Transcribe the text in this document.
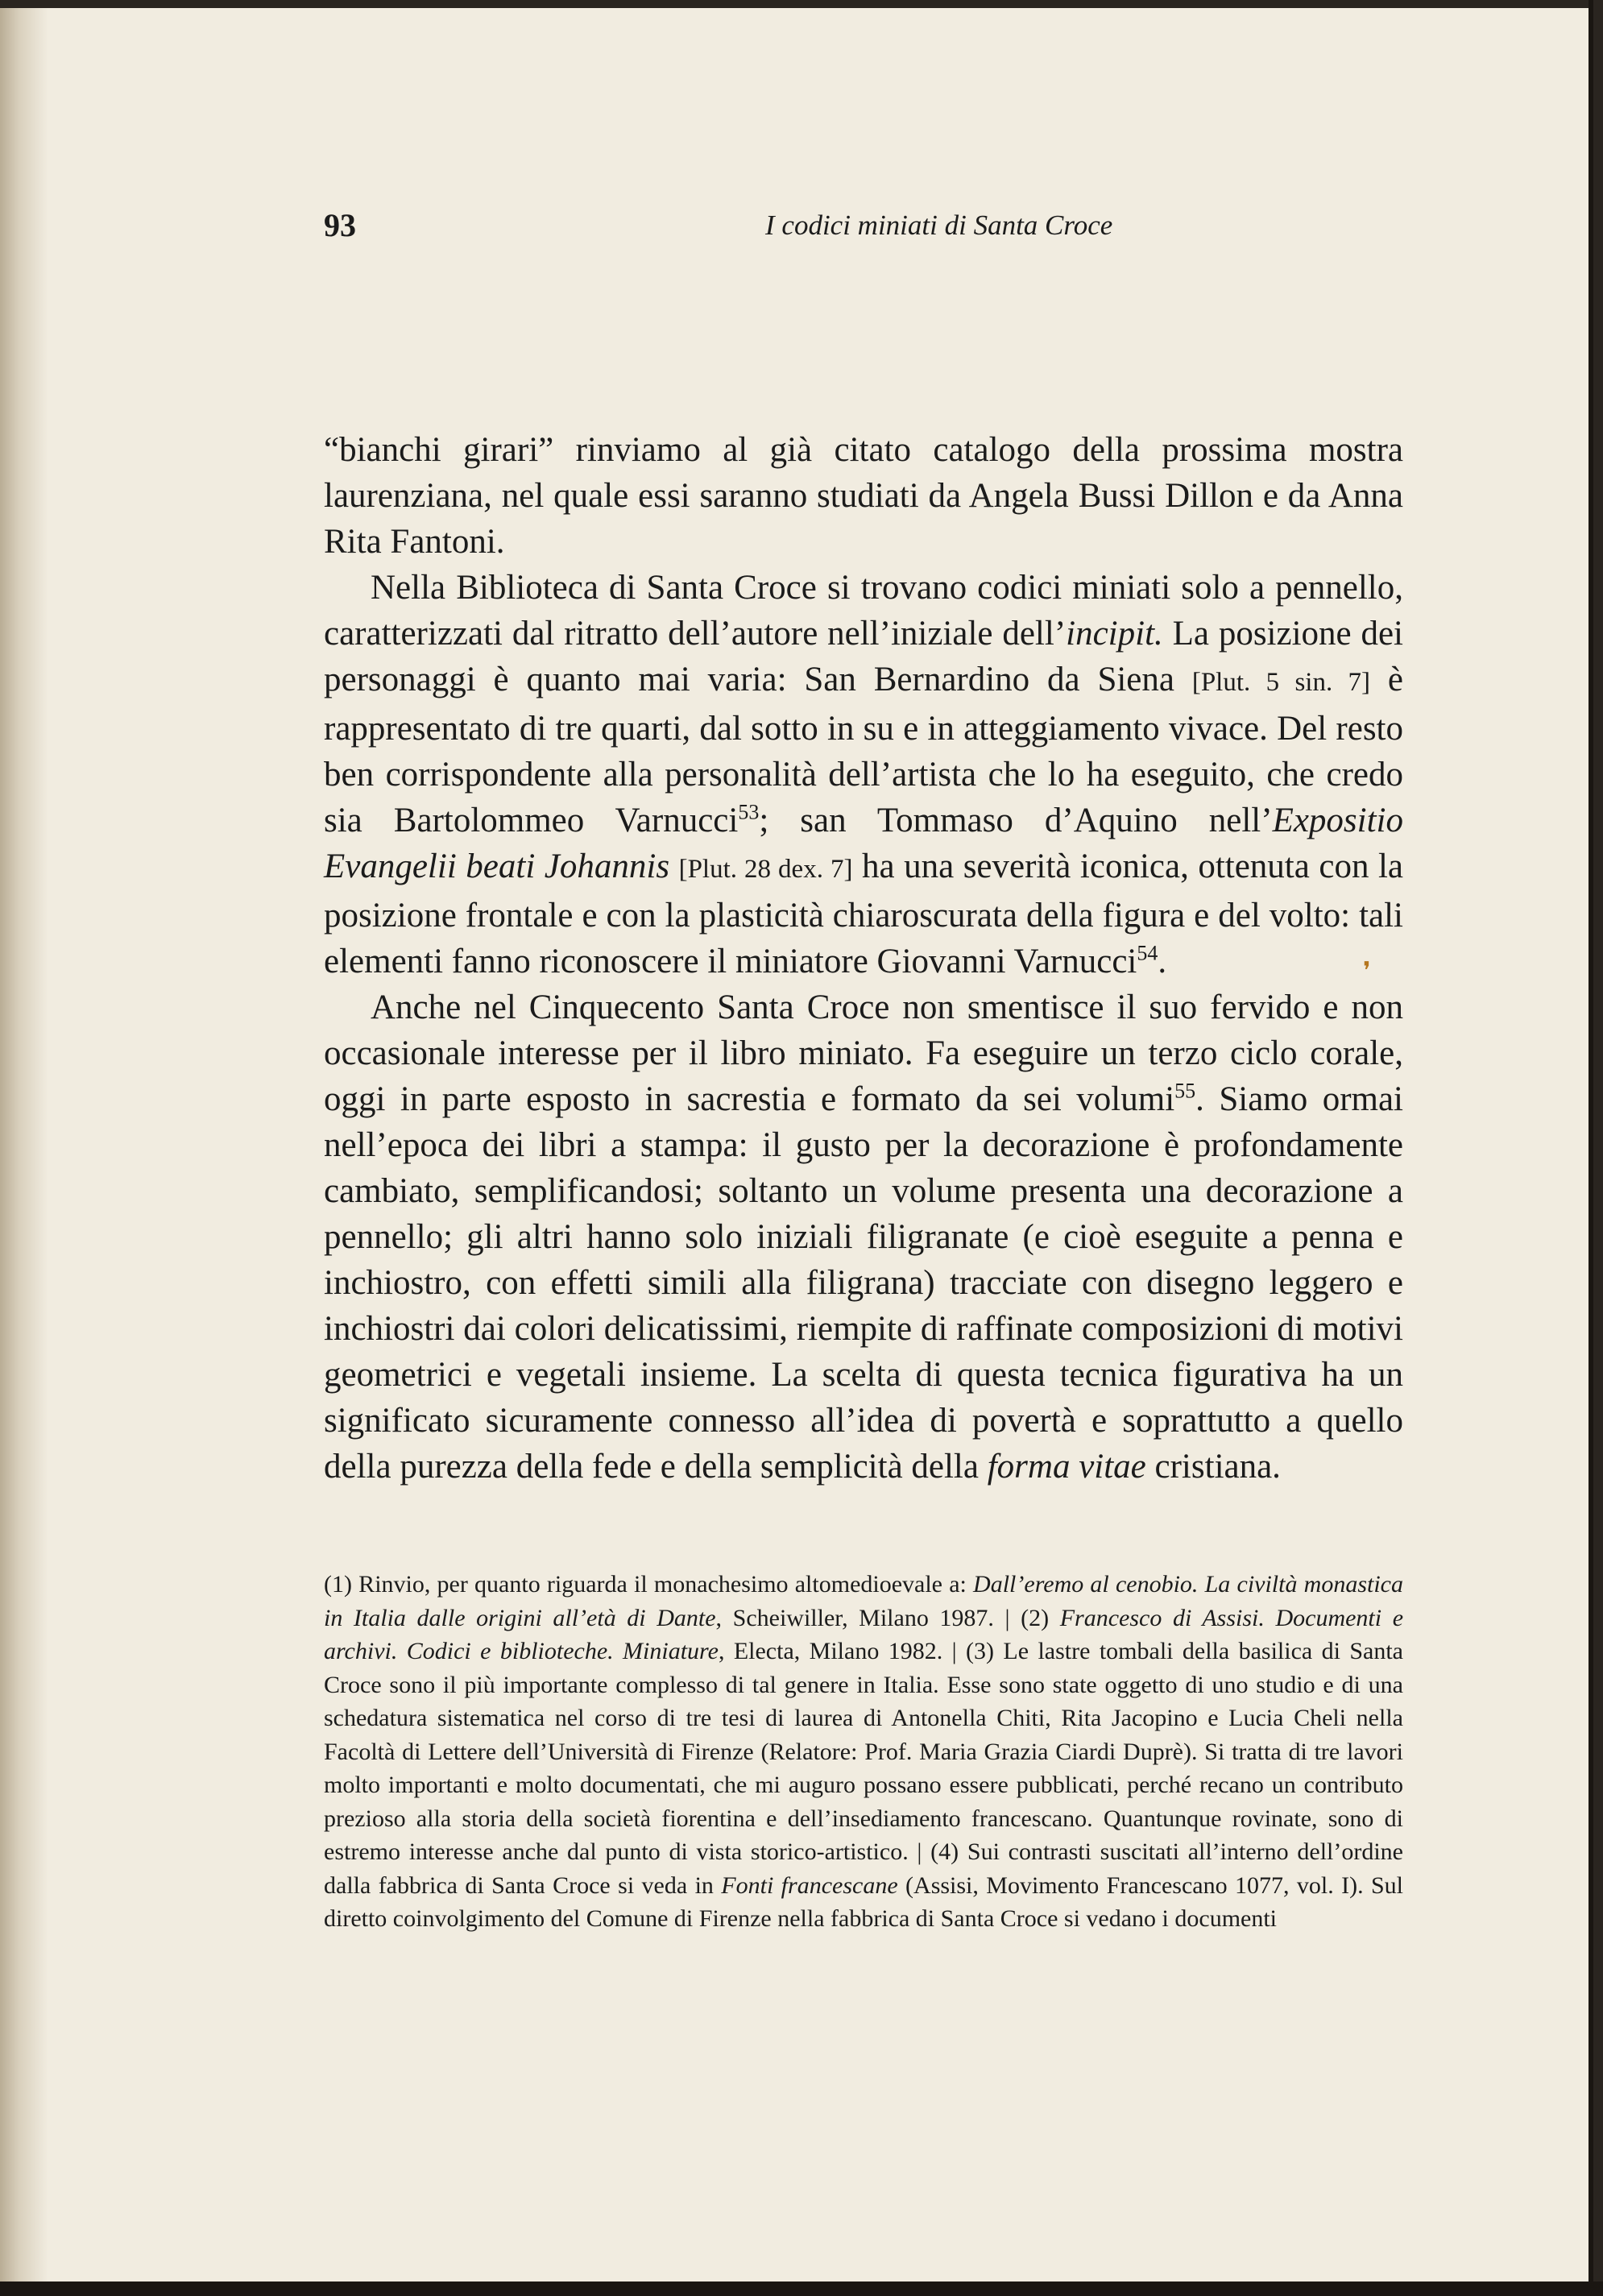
93	I codici miniati di Santa Croce

“bianchi girari” rinviamo al già citato catalogo della prossima mostra laurenziana, nel quale essi saranno studiati da Angela Bussi Dillon e da Anna Rita Fantoni.

Nella Biblioteca di Santa Croce si trovano codici miniati solo a pennello, caratterizzati dal ritratto dell’autore nell’iniziale dell’incipit. La posizione dei personaggi è quanto mai varia: San Bernardino da Siena [Plut. 5 sin. 7] è rappresentato di tre quarti, dal sotto in su e in atteggiamento vivace. Del resto ben corrispondente alla personalità dell’artista che lo ha eseguito, che credo sia Bartolommeo Varnucci$^{53}$; san Tommaso d’Aquino nell’Expositio Evangelii beati Johannis [Plut. 28 dex. 7] ha una severità iconica, ottenuta con la posizione frontale e con la plasticità chiaroscurata della figura e del volto: tali elementi fanno riconoscere il miniatore Giovanni Varnucci$^{54}$.

Anche nel Cinquecento Santa Croce non smentisce il suo fervido e non occasionale interesse per il libro miniato. Fa eseguire un terzo ciclo corale, oggi in parte esposto in sacrestia e formato da sei volumi$^{55}$. Siamo ormai nell’epoca dei libri a stampa: il gusto per la decorazione è profondamente cambiato, semplificandosi; soltanto un volume presenta una decorazione a pennello; gli altri hanno solo iniziali filigranate (e cioè eseguite a penna e inchiostro, con effetti simili alla filigrana) tracciate con disegno leggero e inchiostri dai colori delicatissimi, riempite di raffinate composizioni di motivi geometrici e vegetali insieme. La scelta di questa tecnica figurativa ha un significato sicuramente connesso all’idea di povertà e soprattutto a quello della purezza della fede e della semplicità della forma vitae cristiana.

❜

(1) Rinvio, per quanto riguarda il monachesimo altomedioevale a: Dall’eremo al cenobio. La civiltà monastica in Italia dalle origini all’età di Dante, Scheiwiller, Milano 1987. | (2) Francesco di Assisi. Documenti e archivi. Codici e biblioteche. Miniature, Electa, Milano 1982. | (3) Le lastre tombali della basilica di Santa Croce sono il più importante complesso di tal genere in Italia. Esse sono state oggetto di uno studio e di una schedatura sistematica nel corso di tre tesi di laurea di Antonella Chiti, Rita Jacopino e Lucia Cheli nella Facoltà di Lettere dell’Università di Firenze (Relatore: Prof. Maria Grazia Ciardi Duprè). Si tratta di tre lavori molto importanti e molto documentati, che mi auguro possano essere pubblicati, perché recano un contributo prezioso alla storia della società fiorentina e dell’insediamento francescano. Quantunque rovinate, sono di estremo interesse anche dal punto di vista storico-artistico. | (4) Sui contrasti suscitati all’interno dell’ordine dalla fabbrica di Santa Croce si veda in Fonti francescane (Assisi, Movimento Francescano 1077, vol. I). Sul diretto coinvolgimento del Comune di Firenze nella fabbrica di Santa Croce si vedano i documenti
